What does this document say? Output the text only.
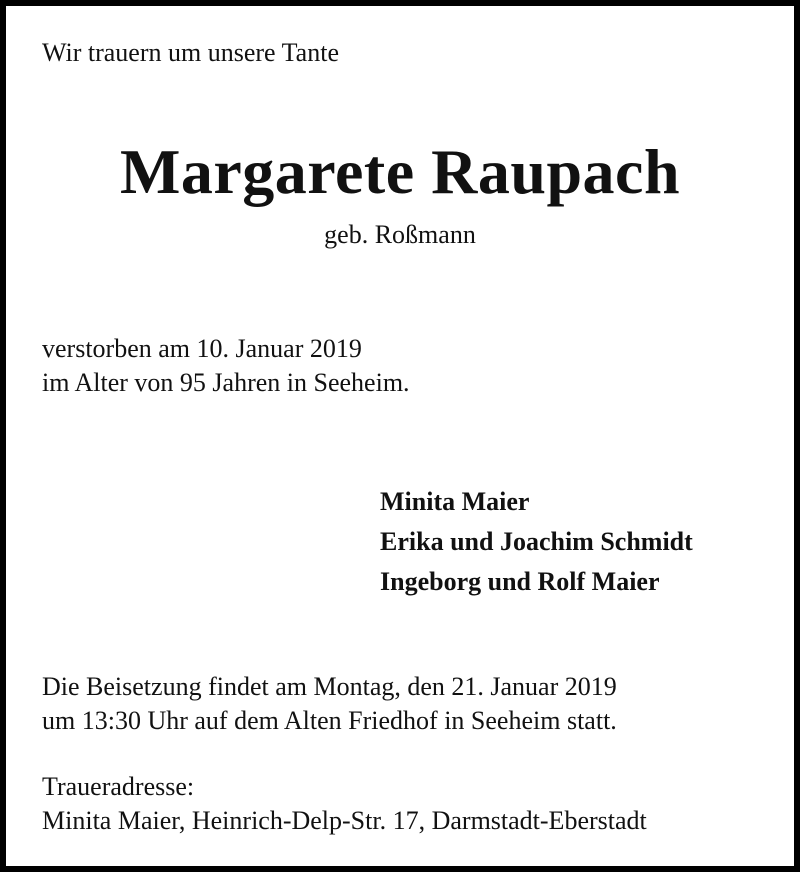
Wir trauern um unsere Tante
Margarete Raupach
geb. Roßmann
verstorben am 10. Januar 2019
im Alter von 95 Jahren in Seeheim.
Minita Maier
Erika und Joachim Schmidt
Ingeborg und Rolf Maier
Die Beisetzung findet am Montag, den 21. Januar 2019
um 13:30 Uhr auf dem Alten Friedhof in Seeheim statt.
Traueradresse:
Minita Maier, Heinrich-Delp-Str. 17, Darmstadt-Eberstadt
